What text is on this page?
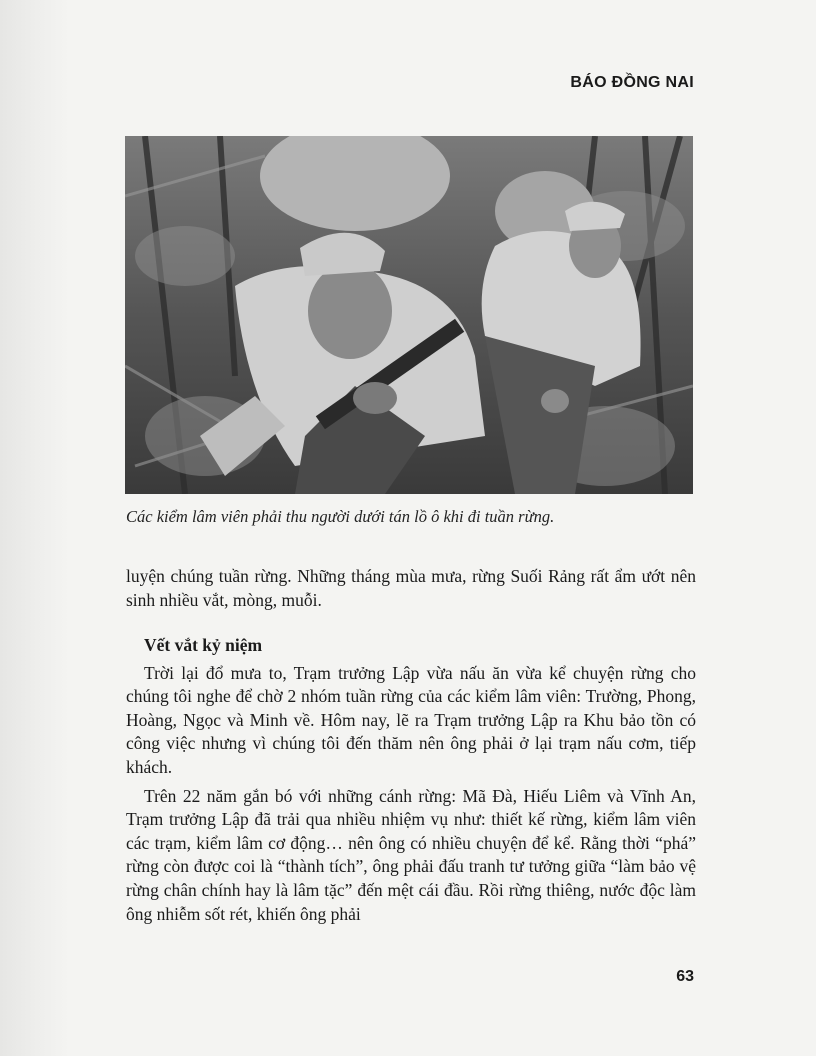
BÁO ĐỒNG NAI
Các kiểm lâm viên phải thu người dưới tán lồ ô khi đi tuần rừng.

luyện chúng tuần rừng. Những tháng mùa mưa, rừng Suối Rảng rất ẩm ướt nên sinh nhiều vắt, mòng, muỗi.

Vết vắt kỷ niệm

Trời lại đổ mưa to, Trạm trưởng Lập vừa nấu ăn vừa kể chuyện rừng cho chúng tôi nghe để chờ 2 nhóm tuần rừng của các kiểm lâm viên: Trường, Phong, Hoàng, Ngọc và Minh về. Hôm nay, lẽ ra Trạm trưởng Lập ra Khu bảo tồn có công việc nhưng vì chúng tôi đến thăm nên ông phải ở lại trạm nấu cơm, tiếp khách.

Trên 22 năm gắn bó với những cánh rừng: Mã Đà, Hiếu Liêm và Vĩnh An, Trạm trưởng Lập đã trải qua nhiều nhiệm vụ như: thiết kế rừng, kiểm lâm viên các trạm, kiểm lâm cơ động… nên ông có nhiều chuyện để kể. Rằng thời “phá” rừng còn được coi là “thành tích”, ông phải đấu tranh tư tưởng giữa “làm bảo vệ rừng chân chính hay là lâm tặc” đến mệt cái đầu. Rồi rừng thiêng, nước độc làm ông nhiễm sốt rét, khiến ông phải

63
